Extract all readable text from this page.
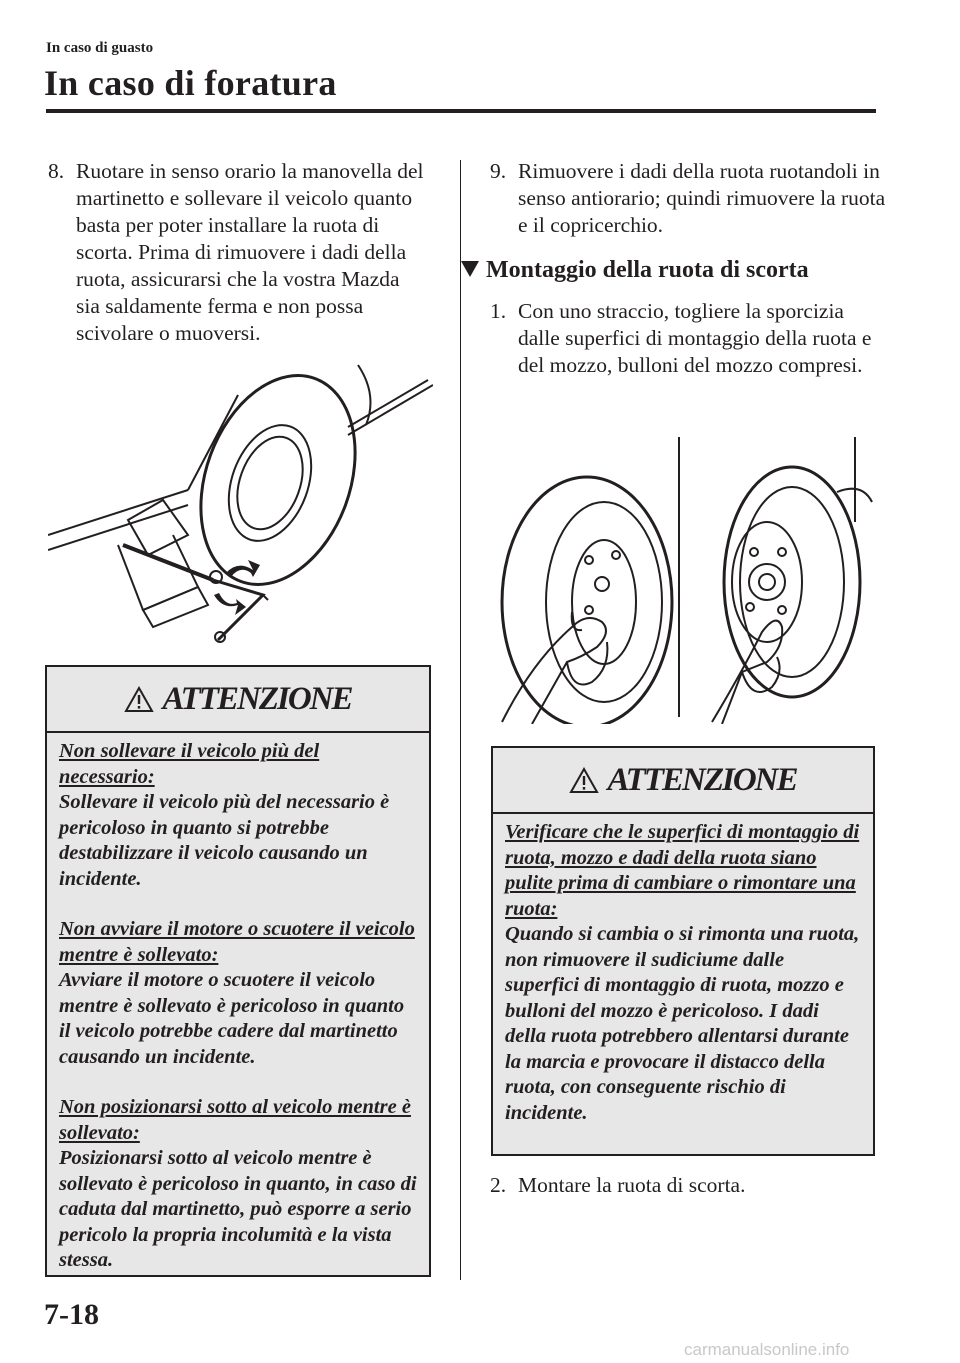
In caso di guasto
In caso di foratura
8. Ruotare in senso orario la manovella del martinetto e sollevare il veicolo quanto basta per poter installare la ruota di scorta. Prima di rimuovere i dadi della ruota, assicurarsi che la vostra Mazda sia saldamente ferma e non possa scivolare o muoversi.
ATTENZIONE
Non sollevare il veicolo più del necessario:
Sollevare il veicolo più del necessario è pericoloso in quanto si potrebbe destabilizzare il veicolo causando un incidente.
Non avviare il motore o scuotere il veicolo mentre è sollevato:
Avviare il motore o scuotere il veicolo mentre è sollevato è pericoloso in quanto il veicolo potrebbe cadere dal martinetto causando un incidente.
Non posizionarsi sotto al veicolo mentre è sollevato:
Posizionarsi sotto al veicolo mentre è sollevato è pericoloso in quanto, in caso di caduta dal martinetto, può esporre a serio pericolo la propria incolumità e la vista stessa.
9. Rimuovere i dadi della ruota ruotandoli in senso antiorario; quindi rimuovere la ruota e il copricerchio.
Montaggio della ruota di scorta
1. Con uno straccio, togliere la sporcizia dalle superfici di montaggio della ruota e del mozzo, bulloni del mozzo compresi.
ATTENZIONE
Verificare che le superfici di montaggio di ruota, mozzo e dadi della ruota siano pulite prima di cambiare o rimontare una ruota:
Quando si cambia o si rimonta una ruota, non rimuovere il sudiciume dalle superfici di montaggio di ruota, mozzo e bulloni del mozzo è pericoloso. I dadi della ruota potrebbero allentarsi durante la marcia e provocare il distacco della ruota, con conseguente rischio di incidente.
2. Montare la ruota di scorta.
7-18
carmanualsonline.info
